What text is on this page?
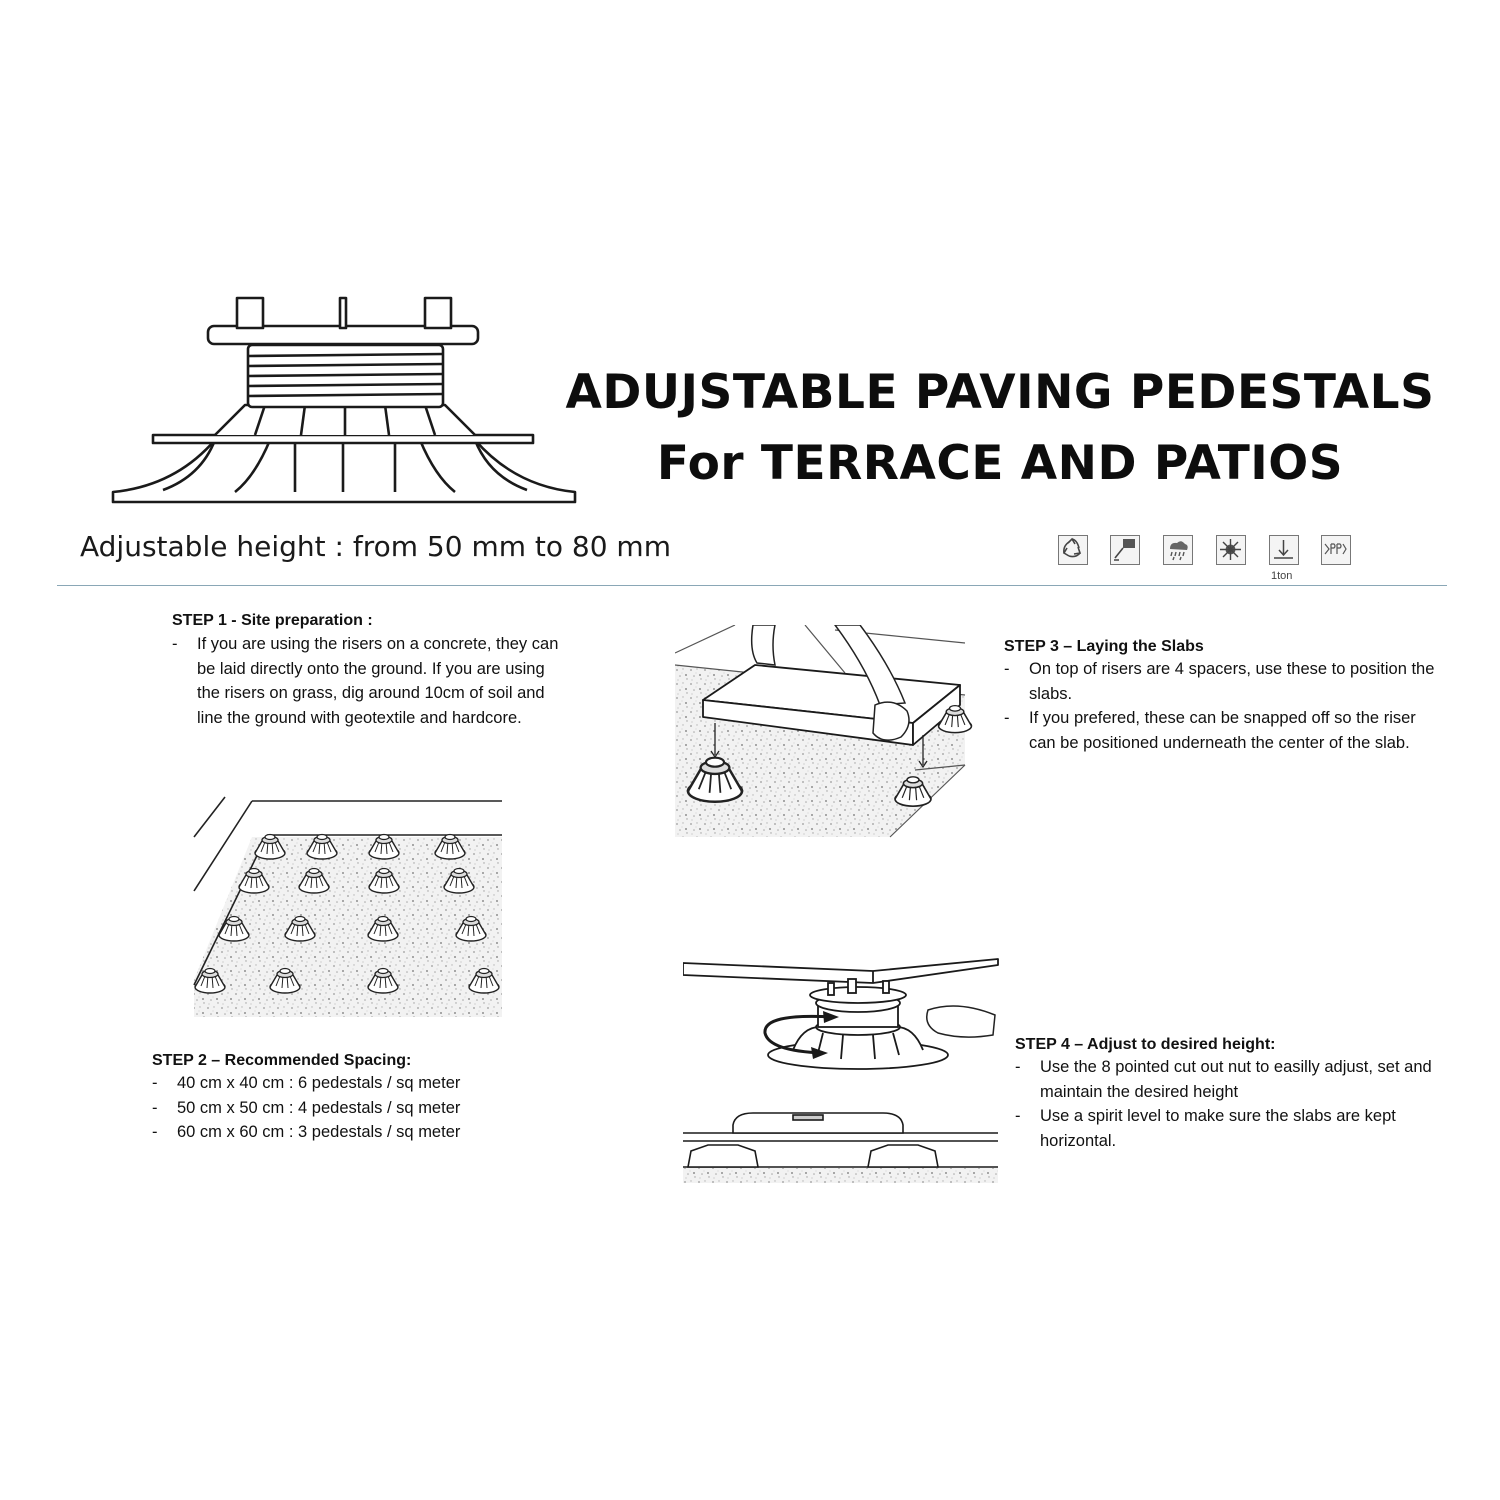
ADUJSTABLE PAVING PEDESTALS
For TERRACE AND PATIOS
Adjustable height : from 50 mm to 80 mm
1ton
STEP 1 - Site preparation :
- If you are using the risers on a concrete, they can be laid directly onto the ground. If you are using the risers on grass, dig around 10cm of soil and line the ground with geotextile and hardcore.
STEP 2 – Recommended Spacing:
- 40 cm x 40 cm : 6 pedestals / sq meter
- 50 cm x 50 cm : 4 pedestals / sq meter
- 60 cm x 60 cm : 3 pedestals / sq meter
STEP 3 – Laying the Slabs
- On top of risers are 4 spacers, use these to position the slabs.
- If you prefered, these can be snapped off so the riser can be positioned underneath the center of the slab.
STEP 4 – Adjust to desired height:
- Use the 8 pointed cut out nut to easilly adjust, set and maintain the desired height
- Use a spirit level to make sure the slabs are kept horizontal.
